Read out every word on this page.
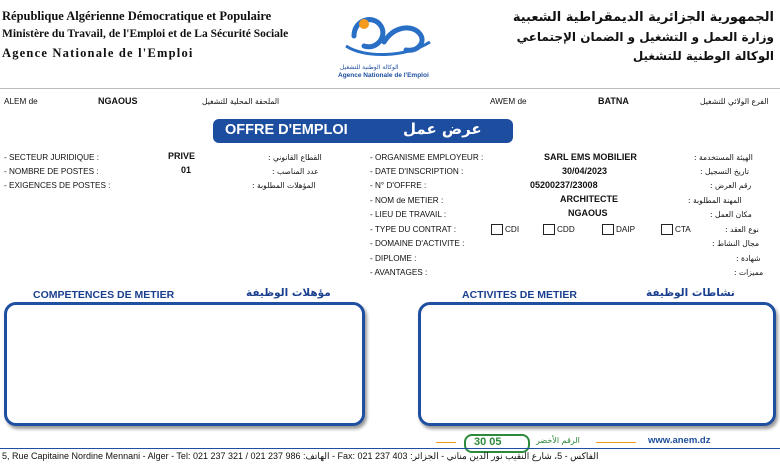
République Algérienne Démocratique et Populaire
Ministère du Travail, de l'Emploi et de La Sécurité Sociale
Agence Nationale de l'Emploi
الوكالة الوطنية للتشغيل
Agence Nationale de l'Emploi
الجمهورية الجزائرية الديمقراطية الشعبية
وزارة العمل و التشغيل و الضمان الإجتماعي
الوكالة الوطنية للتشغيل
ALEM de	NGAOUS	الملحقة المحلية للتشغيل	AWEM de	BATNA	الفرع الولائي للتشغيل
OFFRE D'EMPLOI	عرض عمل
- SECTEUR JURIDIQUE :	PRIVE	القطاع القانوني :
- NOMBRE DE POSTES :	01	عدد المناصب :
- EXIGENCES DE POSTES :	المؤهلات المطلوبة :
- ORGANISME EMPLOYEUR :	SARL EMS MOBILIER	الهيئة المستخدمة :
- DATE D'INSCRIPTION :	30/04/2023	تاريخ التسجيل :
- N° D'OFFRE :	05200237/23008	رقم العرض :
- NOM de METIER :	ARCHITECTE	المهنة المطلوبة :
- LIEU DE TRAVAIL :	NGAOUS	مكان العمل :
- TYPE DU CONTRAT :	CDI	CDD	DAIP	CTA	نوع العقد :
- DOMAINE D'ACTIVITE :	مجال النشاط :
- DIPLOME :	شهادة :
- AVANTAGES :	مميزات :
COMPETENCES DE METIER	مؤهلات الوظيفة	ACTIVITES DE METIER	نشاطات الوظيفة
30 05	الرقم الأخضر	www.anem.dz
5, Rue Capitaine Nordine Mennani - Alger - Tel: 021 237 321 / 021 237 986 :الهاتف - Fax: 021 237 403 :الفاكس - 5، شارع النقيب نور الدين مناني - الجزائر
